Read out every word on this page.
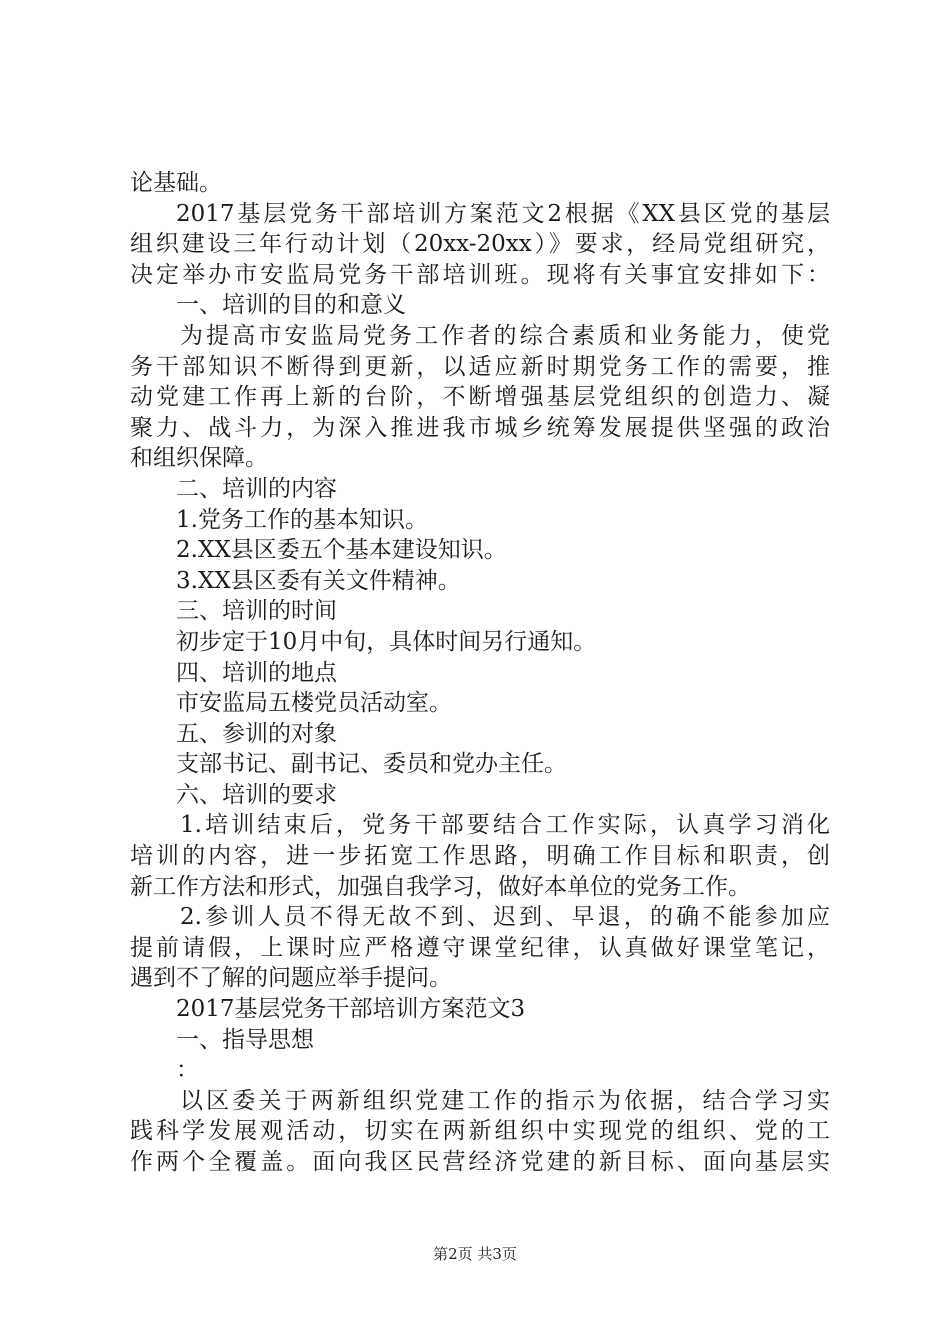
论基础。
2017基层党务干部培训方案范文2根据《XX县区党的基层
组织建设三年行动计划（20xx-20xx）》要求，经局党组研究，
决定举办市安监局党务干部培训班。现将有关事宜安排如下：
一、培训的目的和意义
为提高市安监局党务工作者的综合素质和业务能力，使党
务干部知识不断得到更新，以适应新时期党务工作的需要，推
动党建工作再上新的台阶，不断增强基层党组织的创造力、凝
聚力、战斗力，为深入推进我市城乡统筹发展提供坚强的政治
和组织保障。
二、培训的内容
1.党务工作的基本知识。
2.XX县区委五个基本建设知识。
3.XX县区委有关文件精神。
三、培训的时间
初步定于10月中旬，具体时间另行通知。
四、培训的地点
市安监局五楼党员活动室。
五、参训的对象
支部书记、副书记、委员和党办主任。
六、培训的要求
1.培训结束后，党务干部要结合工作实际，认真学习消化
培训的内容，进一步拓宽工作思路，明确工作目标和职责，创
新工作方法和形式，加强自我学习，做好本单位的党务工作。
2.参训人员不得无故不到、迟到、早退，的确不能参加应
提前请假，上课时应严格遵守课堂纪律，认真做好课堂笔记，
遇到不了解的问题应举手提问。
2017基层党务干部培训方案范文3
一、指导思想
：
以区委关于两新组织党建工作的指示为依据，结合学习实
践科学发展观活动，切实在两新组织中实现党的组织、党的工
作两个全覆盖。面向我区民营经济党建的新目标、面向基层实
第2页 共3页
